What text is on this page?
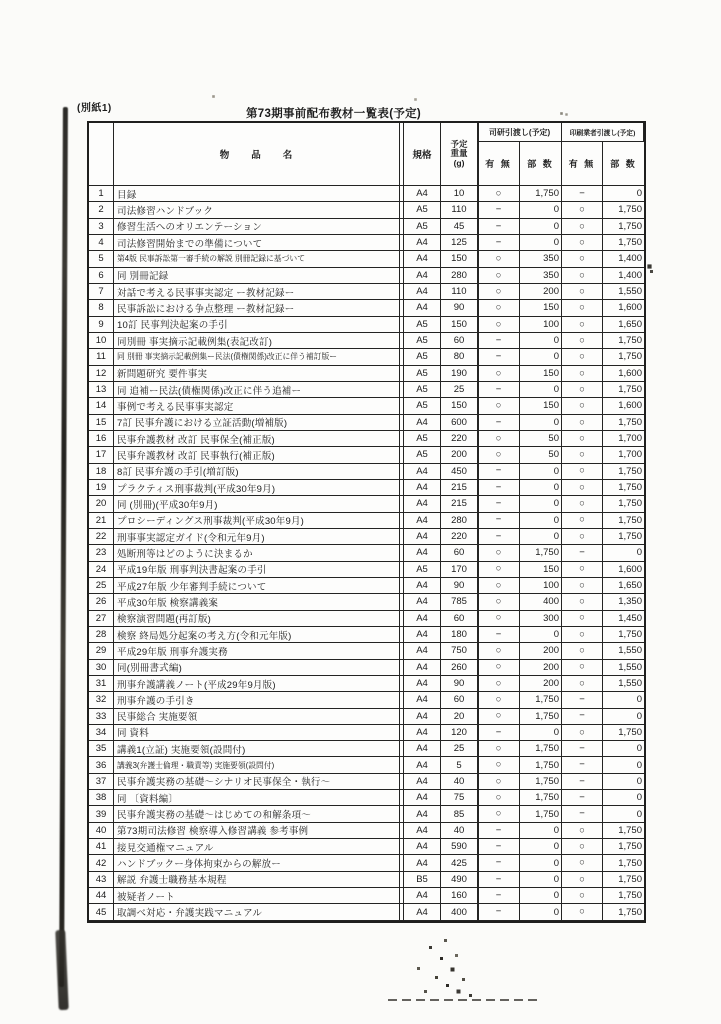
(別紙1)	第73期事前配布教材一覧表(予定)
物　　品　　名	規格
予定
重量
(g)
司研引渡し(予定)	印刷業者引渡し(予定)
有 無	部 数	有 無	部 数
1	目録	A4	10	○	1,750	−	0
2	司法修習ハンドブック	A5	110	−	0	○	1,750
3	修習生活へのオリエンテーション	A5	45	−	0	○	1,750
4	司法修習開始までの準備について	A4	125	−	0	○	1,750
5	第4版 民事訴訟第一審手続の解説 別冊記録に基づいて	A4	150	○	350	○	1,400
6	同 別冊記録	A4	280	○	350	○	1,400
7	対話で考える民事事実認定 ー教材記録ー	A4	110	○	200	○	1,550
8	民事訴訟における争点整理 ー教材記録ー	A4	90	○	150	○	1,600
9	10訂 民事判決起案の手引	A5	150	○	100	○	1,650
10	同別冊 事実摘示記載例集(表記改訂)	A5	60	−	0	○	1,750
11	同 別冊 事実摘示記載例集ー民法(債権関係)改正に伴う補訂版ー	A5	80	−	0	○	1,750
12	新問題研究 要件事実	A5	190	○	150	○	1,600
13	同 追補ー民法(債権関係)改正に伴う追補ー	A5	25	−	0	○	1,750
14	事例で考える民事事実認定	A5	150	○	150	○	1,600
15	7訂 民事弁護における立証活動(増補版)	A4	600	−	0	○	1,750
16	民事弁護教材 改訂 民事保全(補正版)	A5	220	○	50	○	1,700
17	民事弁護教材 改訂 民事執行(補正版)	A5	200	○	50	○	1,700
18	8訂 民事弁護の手引(増訂版)	A4	450	−	0	○	1,750
19	プラクティス刑事裁判(平成30年9月)	A4	215	−	0	○	1,750
20	同 (別冊)(平成30年9月)	A4	215	−	0	○	1,750
21	プロシーディングス刑事裁判(平成30年9月)	A4	280	−	0	○	1,750
22	刑事事実認定ガイド(令和元年9月)	A4	220	−	0	○	1,750
23	処断刑等はどのように決まるか	A4	60	○	1,750	−	0
24	平成19年版 刑事判決書起案の手引	A5	170	○	150	○	1,600
25	平成27年版 少年審判手続について	A4	90	○	100	○	1,650
26	平成30年版 検察講義案	A4	785	○	400	○	1,350
27	検察演習問題(再訂版)	A4	60	○	300	○	1,450
28	検察 終局処分起案の考え方(令和元年版)	A4	180	−	0	○	1,750
29	平成29年版 刑事弁護実務	A4	750	○	200	○	1,550
30	同(別冊書式編)	A4	260	○	200	○	1,550
31	刑事弁護講義ノート(平成29年9月版)	A4	90	○	200	○	1,550
32	刑事弁護の手引き	A4	60	○	1,750	−	0
33	民事総合 実施要領	A4	20	○	1,750	−	0
34	同 資料	A4	120	−	0	○	1,750
35	講義1(立証) 実施要領(設問付)	A4	25	○	1,750	−	0
36	講義3(弁護士倫理・職責等) 実施要領(設問付)	A4	5	○	1,750	−	0
37	民事弁護実務の基礎～シナリオ民事保全・執行～	A4	40	○	1,750	−	0
38	同 〔資料編〕	A4	75	○	1,750	−	0
39	民事弁護実務の基礎～はじめての和解条項～	A4	85	○	1,750	−	0
40	第73期司法修習 検察導入修習講義 参考事例	A4	40	−	0	○	1,750
41	接見交通権マニュアル	A4	590	−	0	○	1,750
42	ハンドブックー身体拘束からの解放ー	A4	425	−	0	○	1,750
43	解説 弁護士職務基本規程	B5	490	−	0	○	1,750
44	被疑者ノート	A4	160	−	0	○	1,750
45	取調べ対応・弁護実践マニュアル	A4	400	−	0	○	1,750
